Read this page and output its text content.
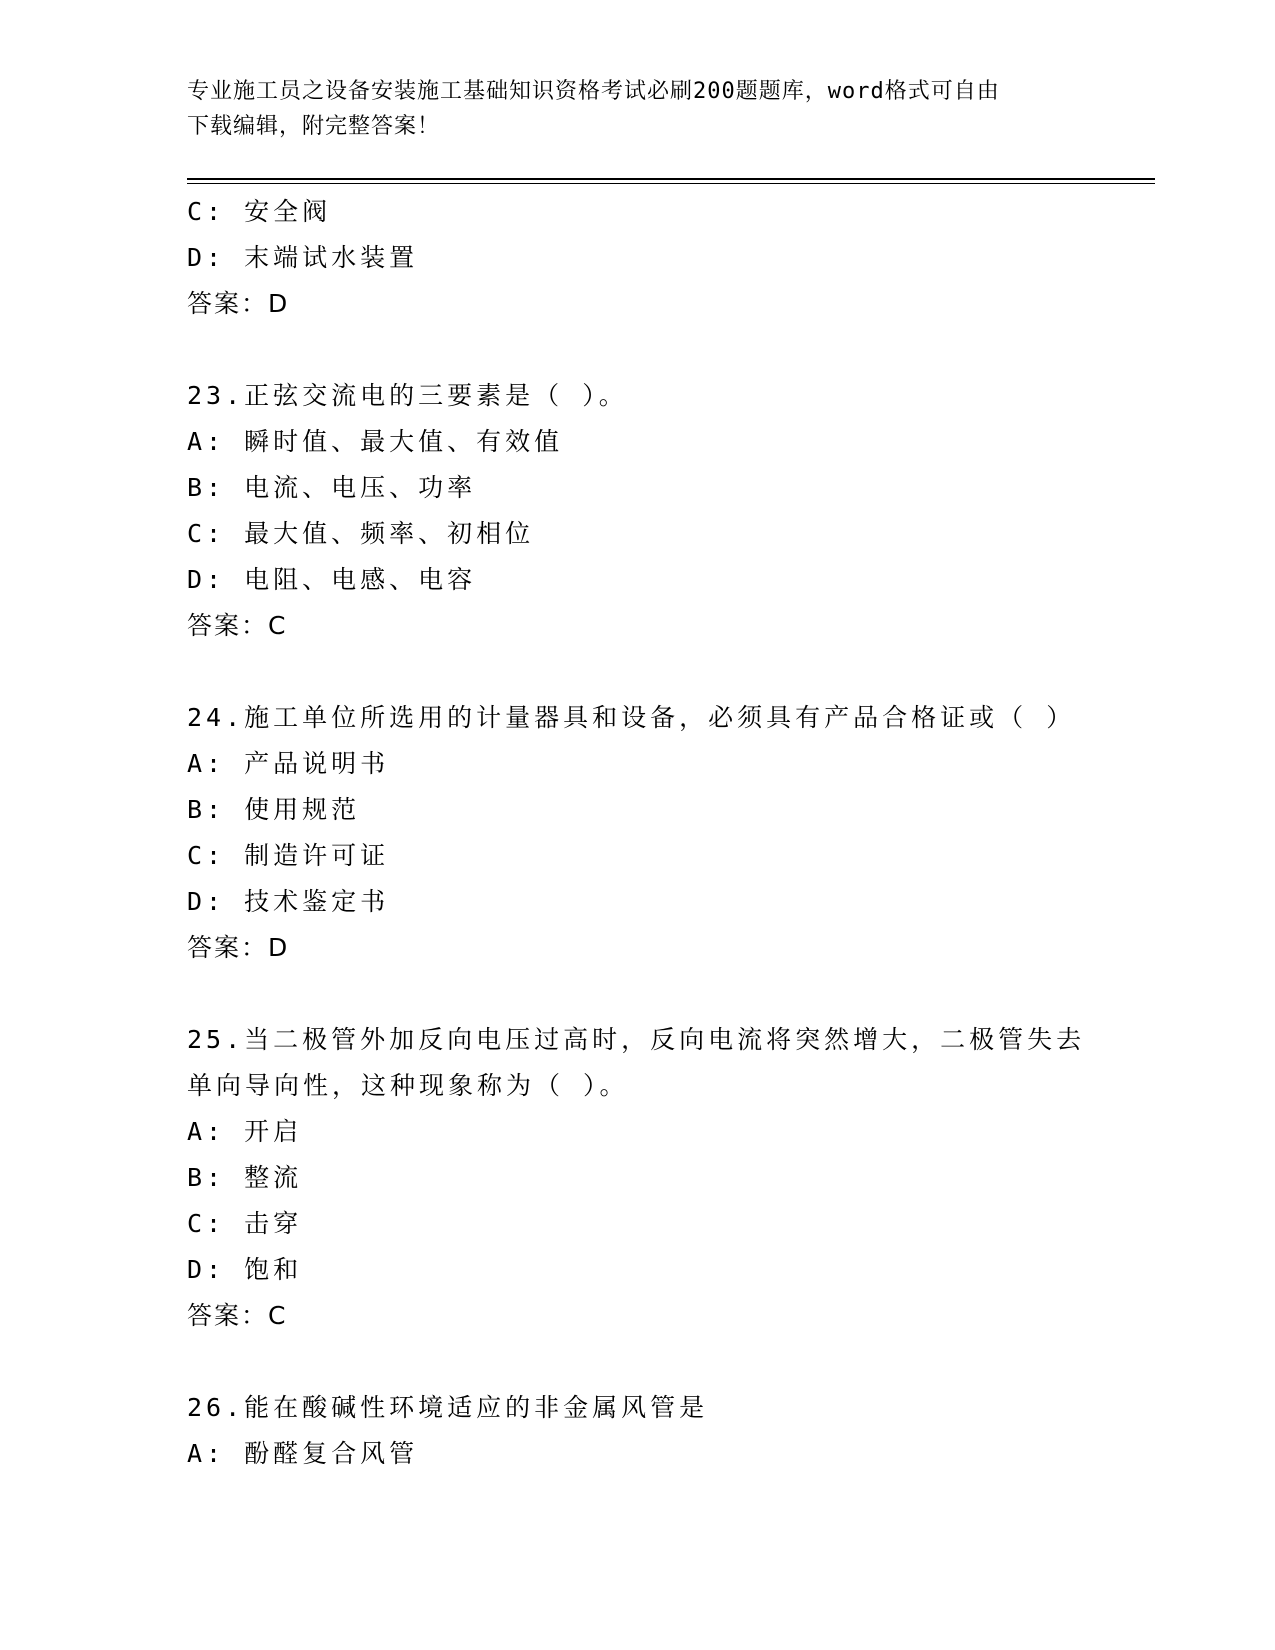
专业施工员之设备安装施工基础知识资格考试必刷200题题库，word格式可自由
下载编辑，附完整答案！
C: 安全阀
D: 末端试水装置
答案：D
23.正弦交流电的三要素是（ ）。
A: 瞬时值、最大值、有效值
B: 电流、电压、功率
C: 最大值、频率、初相位
D: 电阻、电感、电容
答案：C
24.施工单位所选用的计量器具和设备，必须具有产品合格证或（ ）
A: 产品说明书
B: 使用规范
C: 制造许可证
D: 技术鉴定书
答案：D
25.当二极管外加反向电压过高时，反向电流将突然增大，二极管失去
单向导向性，这种现象称为（ ）。
A: 开启
B: 整流
C: 击穿
D: 饱和
答案：C
26.能在酸碱性环境适应的非金属风管是
A: 酚醛复合风管
